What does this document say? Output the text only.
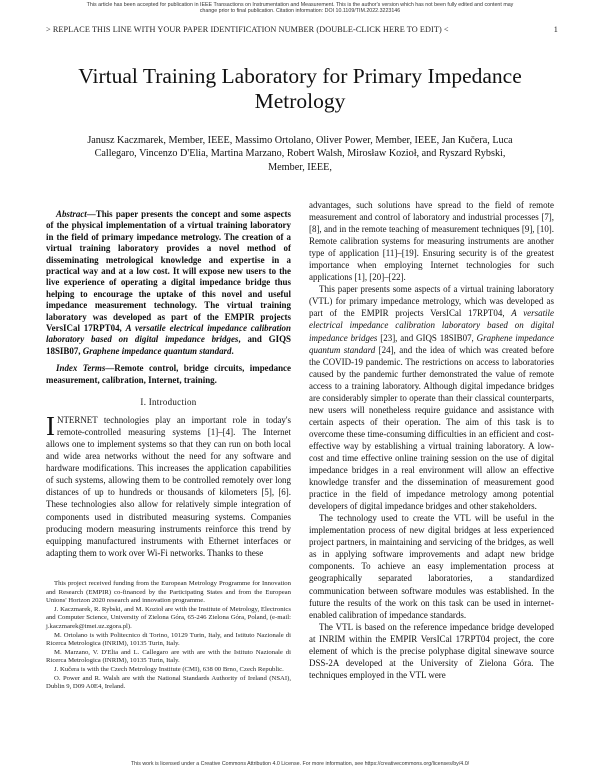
This article has been accepted for publication in IEEE Transactions on Instrumentation and Measurement. This is the author's version which has not been fully edited and content may change prior to final publication. Citation information: DOI 10.1109/TIM.2022.3223146
> REPLACE THIS LINE WITH YOUR PAPER IDENTIFICATION NUMBER (DOUBLE-CLICK HERE TO EDIT) <	1
Virtual Training Laboratory for Primary Impedance Metrology
Janusz Kaczmarek, Member, IEEE, Massimo Ortolano, Oliver Power, Member, IEEE, Jan Kučera, Luca Callegaro, Vincenzo D'Elia, Martina Marzano, Robert Walsh, Mirosław Kozioł, and Ryszard Rybski, Member, IEEE,

Abstract—This paper presents the concept and some aspects of the physical implementation of a virtual training laboratory in the field of primary impedance metrology. The creation of a virtual training laboratory provides a novel method of disseminating metrological knowledge and expertise in a practical way and at a low cost. It will expose new users to the live experience of operating a digital impedance bridge thus helping to encourage the uptake of this novel and useful impedance measurement technology. The virtual training laboratory was developed as part of the EMPIR projects VersICal 17RPT04, A versatile electrical impedance calibration laboratory based on digital impedance bridges, and GIQS 18SIB07, Graphene impedance quantum standard.

Index Terms—Remote control, bridge circuits, impedance measurement, calibration, Internet, training.

I. Introduction

INTERNET technologies play an important role in today's remote-controlled measuring systems [1]–[4]. The Internet allows one to implement systems so that they can run on both local and wide area networks without the need for any software and hardware modifications. This increases the application capabilities of such systems, allowing them to be controlled remotely over long distances of up to hundreds or thousands of kilometers [5], [6]. These technologies also allow for relatively simple integration of components used in distributed measuring systems. Companies producing modern measuring instruments reinforce this trend by equipping manufactured instruments with Ethernet interfaces or adapting them to work over Wi-Fi networks. Thanks to these

This project received funding from the European Metrology Programme for Innovation and Research (EMPIR) co-financed by the Participating States and from the European Unions' Horizon 2020 research and innovation programme.

J. Kaczmarek, R. Rybski, and M. Kozioł are with the Institute of Metrology, Electronics and Computer Science, University of Zielona Góra, 65-246 Zielona Góra, Poland, (e-mail: j.kaczmarek@imei.uz.zgora.pl).

M. Ortolano is with Politecnico di Torino, 10129 Turin, Italy, and Istituto Nazionale di Ricerca Metrologica (INRIM), 10135 Turin, Italy.

M. Marzano, V. D'Elia and L. Callegaro are with are with the Istituto Nazionale di Ricerca Metrologica (INRIM), 10135 Turin, Italy.

J. Kučera is with the Czech Metrology Institute (CMI), 638 00 Brno, Czech Republic.

O. Power and R. Walsh are with the National Standards Authority of Ireland (NSAI), Dublin 9, D09 A0E4, Ireland.

advantages, such solutions have spread to the field of remote measurement and control of laboratory and industrial processes [7], [8], and in the remote teaching of measurement techniques [9], [10]. Remote calibration systems for measuring instruments are another type of application [11]–[19]. Ensuring security is of the greatest importance when employing Internet technologies for such applications [1], [20]–[22].

This paper presents some aspects of a virtual training laboratory (VTL) for primary impedance metrology, which was developed as part of the EMPIR projects VersICal 17RPT04, A versatile electrical impedance calibration laboratory based on digital impedance bridges [23], and GIQS 18SIB07, Graphene impedance quantum standard [24], and the idea of which was created before the COVID-19 pandemic. The restrictions on access to laboratories caused by the pandemic further demonstrated the value of remote access to a training laboratory. Although digital impedance bridges are considerably simpler to operate than their classical counterparts, new users will nonetheless require guidance and assistance with certain aspects of their operation. The aim of this task is to overcome these time-consuming difficulties in an efficient and cost-effective way by establishing a virtual training laboratory. A low-cost and time effective online training session on the use of digital impedance bridges in a real environment will allow an effective knowledge transfer and the dissemination of measurement good practice in the field of impedance metrology among potential developers of digital impedance bridges and other stakeholders.

The technology used to create the VTL will be useful in the implementation process of new digital bridges at less experienced project partners, in maintaining and servicing of the bridges, as well as in applying software improvements and adapt new bridge components. To achieve an easy implementation process at geographically separated laboratories, a standardized communication between software modules was established. In the future the results of the work on this task can be used in internet-enabled calibration of impedance standards.

The VTL is based on the reference impedance bridge developed at INRIM within the EMPIR VersICal 17RPT04 project, the core element of which is the precise polyphase digital sinewave source DSS-2A developed at the University of Zielona Góra. The techniques employed in the VTL were

This work is licensed under a Creative Commons Attribution 4.0 License. For more information, see https://creativecommons.org/licenses/by/4.0/
